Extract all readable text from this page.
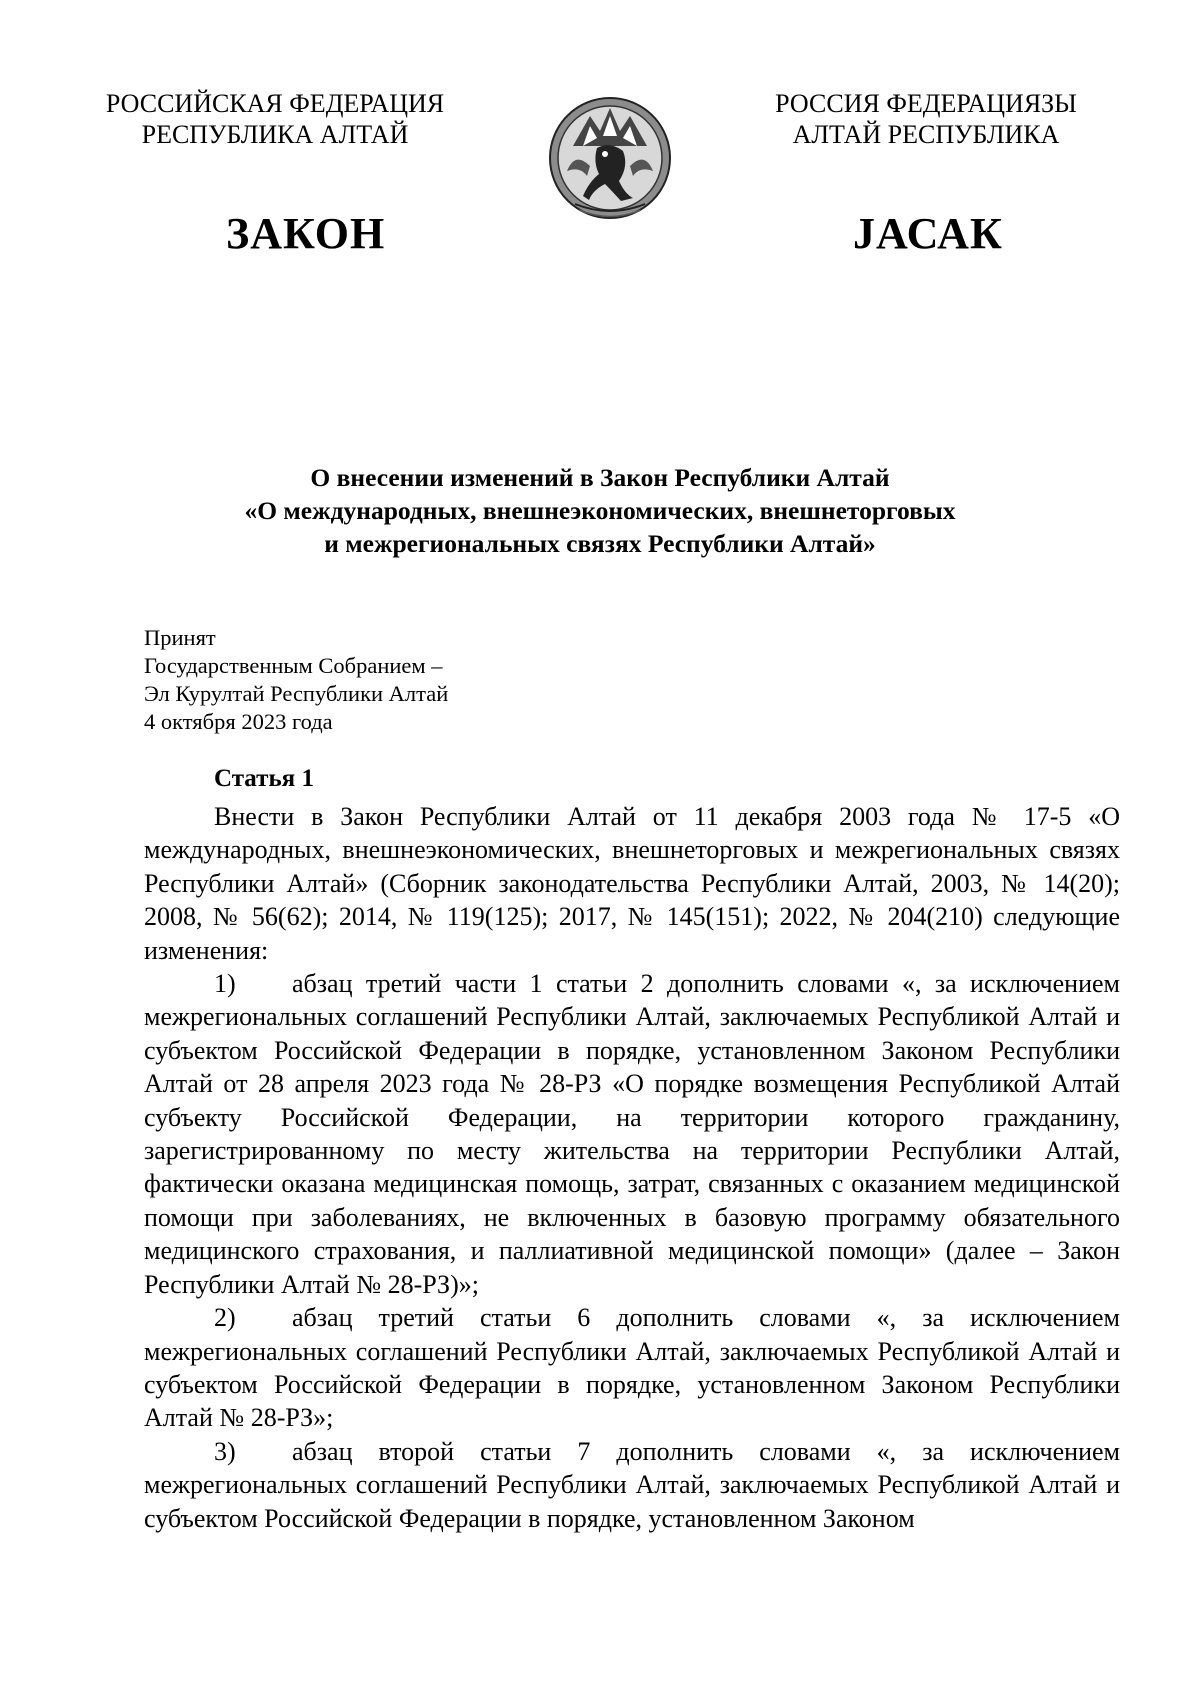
РОССИЙСКАЯ ФЕДЕРАЦИЯ
РЕСПУБЛИКА АЛТАЙ
РОССИЯ ФЕДЕРАЦИЯЗЫ
АЛТАЙ РЕСПУБЛИКА
ЗАКОН	ЈАСАК
О внесении изменений в Закон Республики Алтай
«О международных, внешнеэкономических, внешнеторговых
и межрегиональных связях Республики Алтай»
Принят
Государственным Собранием –
Эл Курултай Республики Алтай
4 октября 2023 года
Статья 1

Внести в Закон Республики Алтай от 11 декабря 2003 года № 17-5 «О международных, внешнеэкономических, внешнеторговых и межрегиональных связях Республики Алтай» (Сборник законодательства Республики Алтай, 2003, № 14(20); 2008, № 56(62); 2014, № 119(125); 2017, № 145(151); 2022, № 204(210) следующие изменения:

1) абзац третий части 1 статьи 2 дополнить словами «, за исключением межрегиональных соглашений Республики Алтай, заключаемых Республикой Алтай и субъектом Российской Федерации в порядке, установленном Законом Республики Алтай от 28 апреля 2023 года № 28-РЗ «О порядке возмещения Республикой Алтай субъекту Российской Федерации, на территории которого гражданину, зарегистрированному по месту жительства на территории Республики Алтай, фактически оказана медицинская помощь, затрат, связанных с оказанием медицинской помощи при заболеваниях, не включенных в базовую программу обязательного медицинского страхования, и паллиативной медицинской помощи» (далее – Закон Республики Алтай № 28-РЗ)»;

2) абзац третий статьи 6 дополнить словами «, за исключением межрегиональных соглашений Республики Алтай, заключаемых Республикой Алтай и субъектом Российской Федерации в порядке, установленном Законом Республики Алтай № 28-РЗ»;

3) абзац второй статьи 7 дополнить словами «, за исключением межрегиональных соглашений Республики Алтай, заключаемых Республикой Алтай и субъектом Российской Федерации в порядке, установленном Законом
